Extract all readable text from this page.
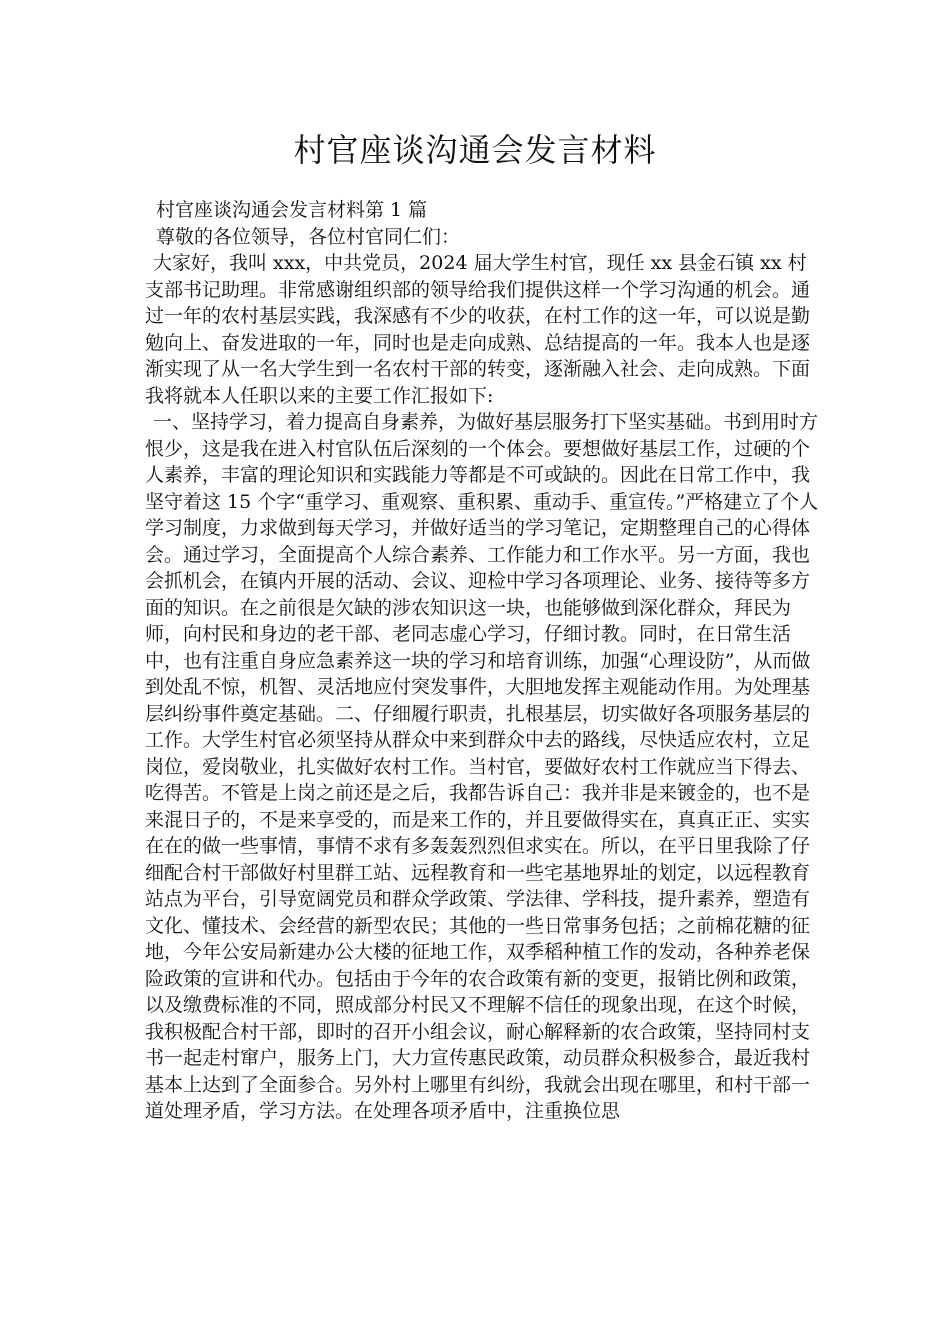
村官座谈沟通会发言材料

村官座谈沟通会发言材料第 1 篇

尊敬的各位领导，各位村官同仁们：

大家好，我叫 xxx，中共党员，2024 届大学生村官，现任 xx 县金石镇 xx 村支部书记助理。非常感谢组织部的领导给我们提供这样一个学习沟通的机会。通过一年的农村基层实践，我深感有不少的收获，在村工作的这一年，可以说是勤勉向上、奋发进取的一年，同时也是走向成熟、总结提高的一年。我本人也是逐渐实现了从一名大学生到一名农村干部的转变，逐渐融入社会、走向成熟。下面我将就本人任职以来的主要工作汇报如下:

一、坚持学习，着力提高自身素养，为做好基层服务打下坚实基础。书到用时方恨少，这是我在进入村官队伍后深刻的一个体会。要想做好基层工作，过硬的个人素养，丰富的理论知识和实践能力等都是不可或缺的。因此在日常工作中，我坚守着这 15 个字“重学习、重观察、重积累、重动手、重宣传。”严格建立了个人学习制度，力求做到每天学习，并做好适当的学习笔记，定期整理自己的心得体会。通过学习，全面提高个人综合素养、工作能力和工作水平。另一方面，我也会抓机会，在镇内开展的活动、会议、迎检中学习各项理论、业务、接待等多方面的知识。在之前很是欠缺的涉农知识这一块，也能够做到深化群众，拜民为师，向村民和身边的老干部、老同志虚心学习，仔细讨教。同时，在日常生活中，也有注重自身应急素养这一块的学习和培育训练，加强“心理设防”，从而做到处乱不惊，机智、灵活地应付突发事件，大胆地发挥主观能动作用。为处理基层纠纷事件奠定基础。二、仔细履行职责，扎根基层，切实做好各项服务基层的工作。大学生村官必须坚持从群众中来到群众中去的路线，尽快适应农村，立足岗位，爱岗敬业，扎实做好农村工作。当村官，要做好农村工作就应当下得去、吃得苦。不管是上岗之前还是之后，我都告诉自己：我并非是来镀金的，也不是来混日子的，不是来享受的，而是来工作的，并且要做得实在，真真正正、实实在在的做一些事情，事情不求有多轰轰烈烈但求实在。所以，在平日里我除了仔细配合村干部做好村里群工站、远程教育和一些宅基地界址的划定，以远程教育站点为平台，引导宽阔党员和群众学政策、学法律、学科技，提升素养，塑造有文化、懂技术、会经营的新型农民；其他的一些日常事务包括；之前棉花糖的征地，今年公安局新建办公大楼的征地工作，双季稻种植工作的发动，各种养老保险政策的宣讲和代办。包括由于今年的农合政策有新的变更，报销比例和政策，以及缴费标准的不同，照成部分村民又不理解不信任的现象出现，在这个时候，我积极配合村干部，即时的召开小组会议，耐心解释新的农合政策，坚持同村支书一起走村窜户，服务上门，大力宣传惠民政策，动员群众积极参合，最近我村基本上达到了全面参合。另外村上哪里有纠纷，我就会出现在哪里，和村干部一道处理矛盾，学习方法。在处理各项矛盾中，注重换位思
